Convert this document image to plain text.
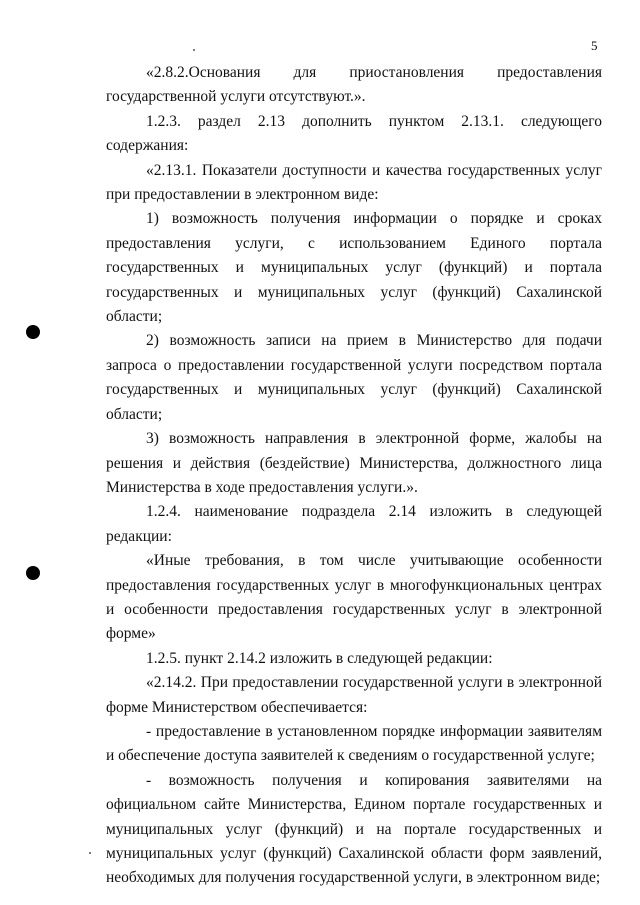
5

«2.8.2.Основания для приостановления предоставления государственной услуги отсутствуют.».

1.2.3. раздел 2.13 дополнить пунктом 2.13.1. следующего содержания:

«2.13.1. Показатели доступности и качества государственных услуг при предоставлении в электронном виде:

1) возможность получения информации о порядке и сроках предоставления услуги, с использованием Единого портала государственных и муниципальных услуг (функций) и портала государственных и муниципальных услуг (функций) Сахалинской области;

2) возможность записи на прием в Министерство для подачи запроса о предоставлении государственной услуги посредством портала государственных и муниципальных услуг (функций) Сахалинской области;

3) возможность направления в электронной форме, жалобы на решения и действия (бездействие) Министерства, должностного лица Министерства в ходе предоставления услуги.».

1.2.4. наименование подраздела 2.14 изложить в следующей редакции:

«Иные требования, в том числе учитывающие особенности предоставления государственных услуг в многофункциональных центрах и особенности предоставления государственных услуг в электронной форме»

1.2.5. пункт 2.14.2 изложить в следующей редакции:

«2.14.2. При предоставлении государственной услуги в электронной форме Министерством обеспечивается:

- предоставление в установленном порядке информации заявителям и обеспечение доступа заявителей к сведениям о государственной услуге;

- возможность получения и копирования заявителями на официальном сайте Министерства, Едином портале государственных и муниципальных услуг (функций) и на портале государственных и муниципальных услуг (функций) Сахалинской области форм заявлений, необходимых для получения государственной услуги, в электронном виде;
